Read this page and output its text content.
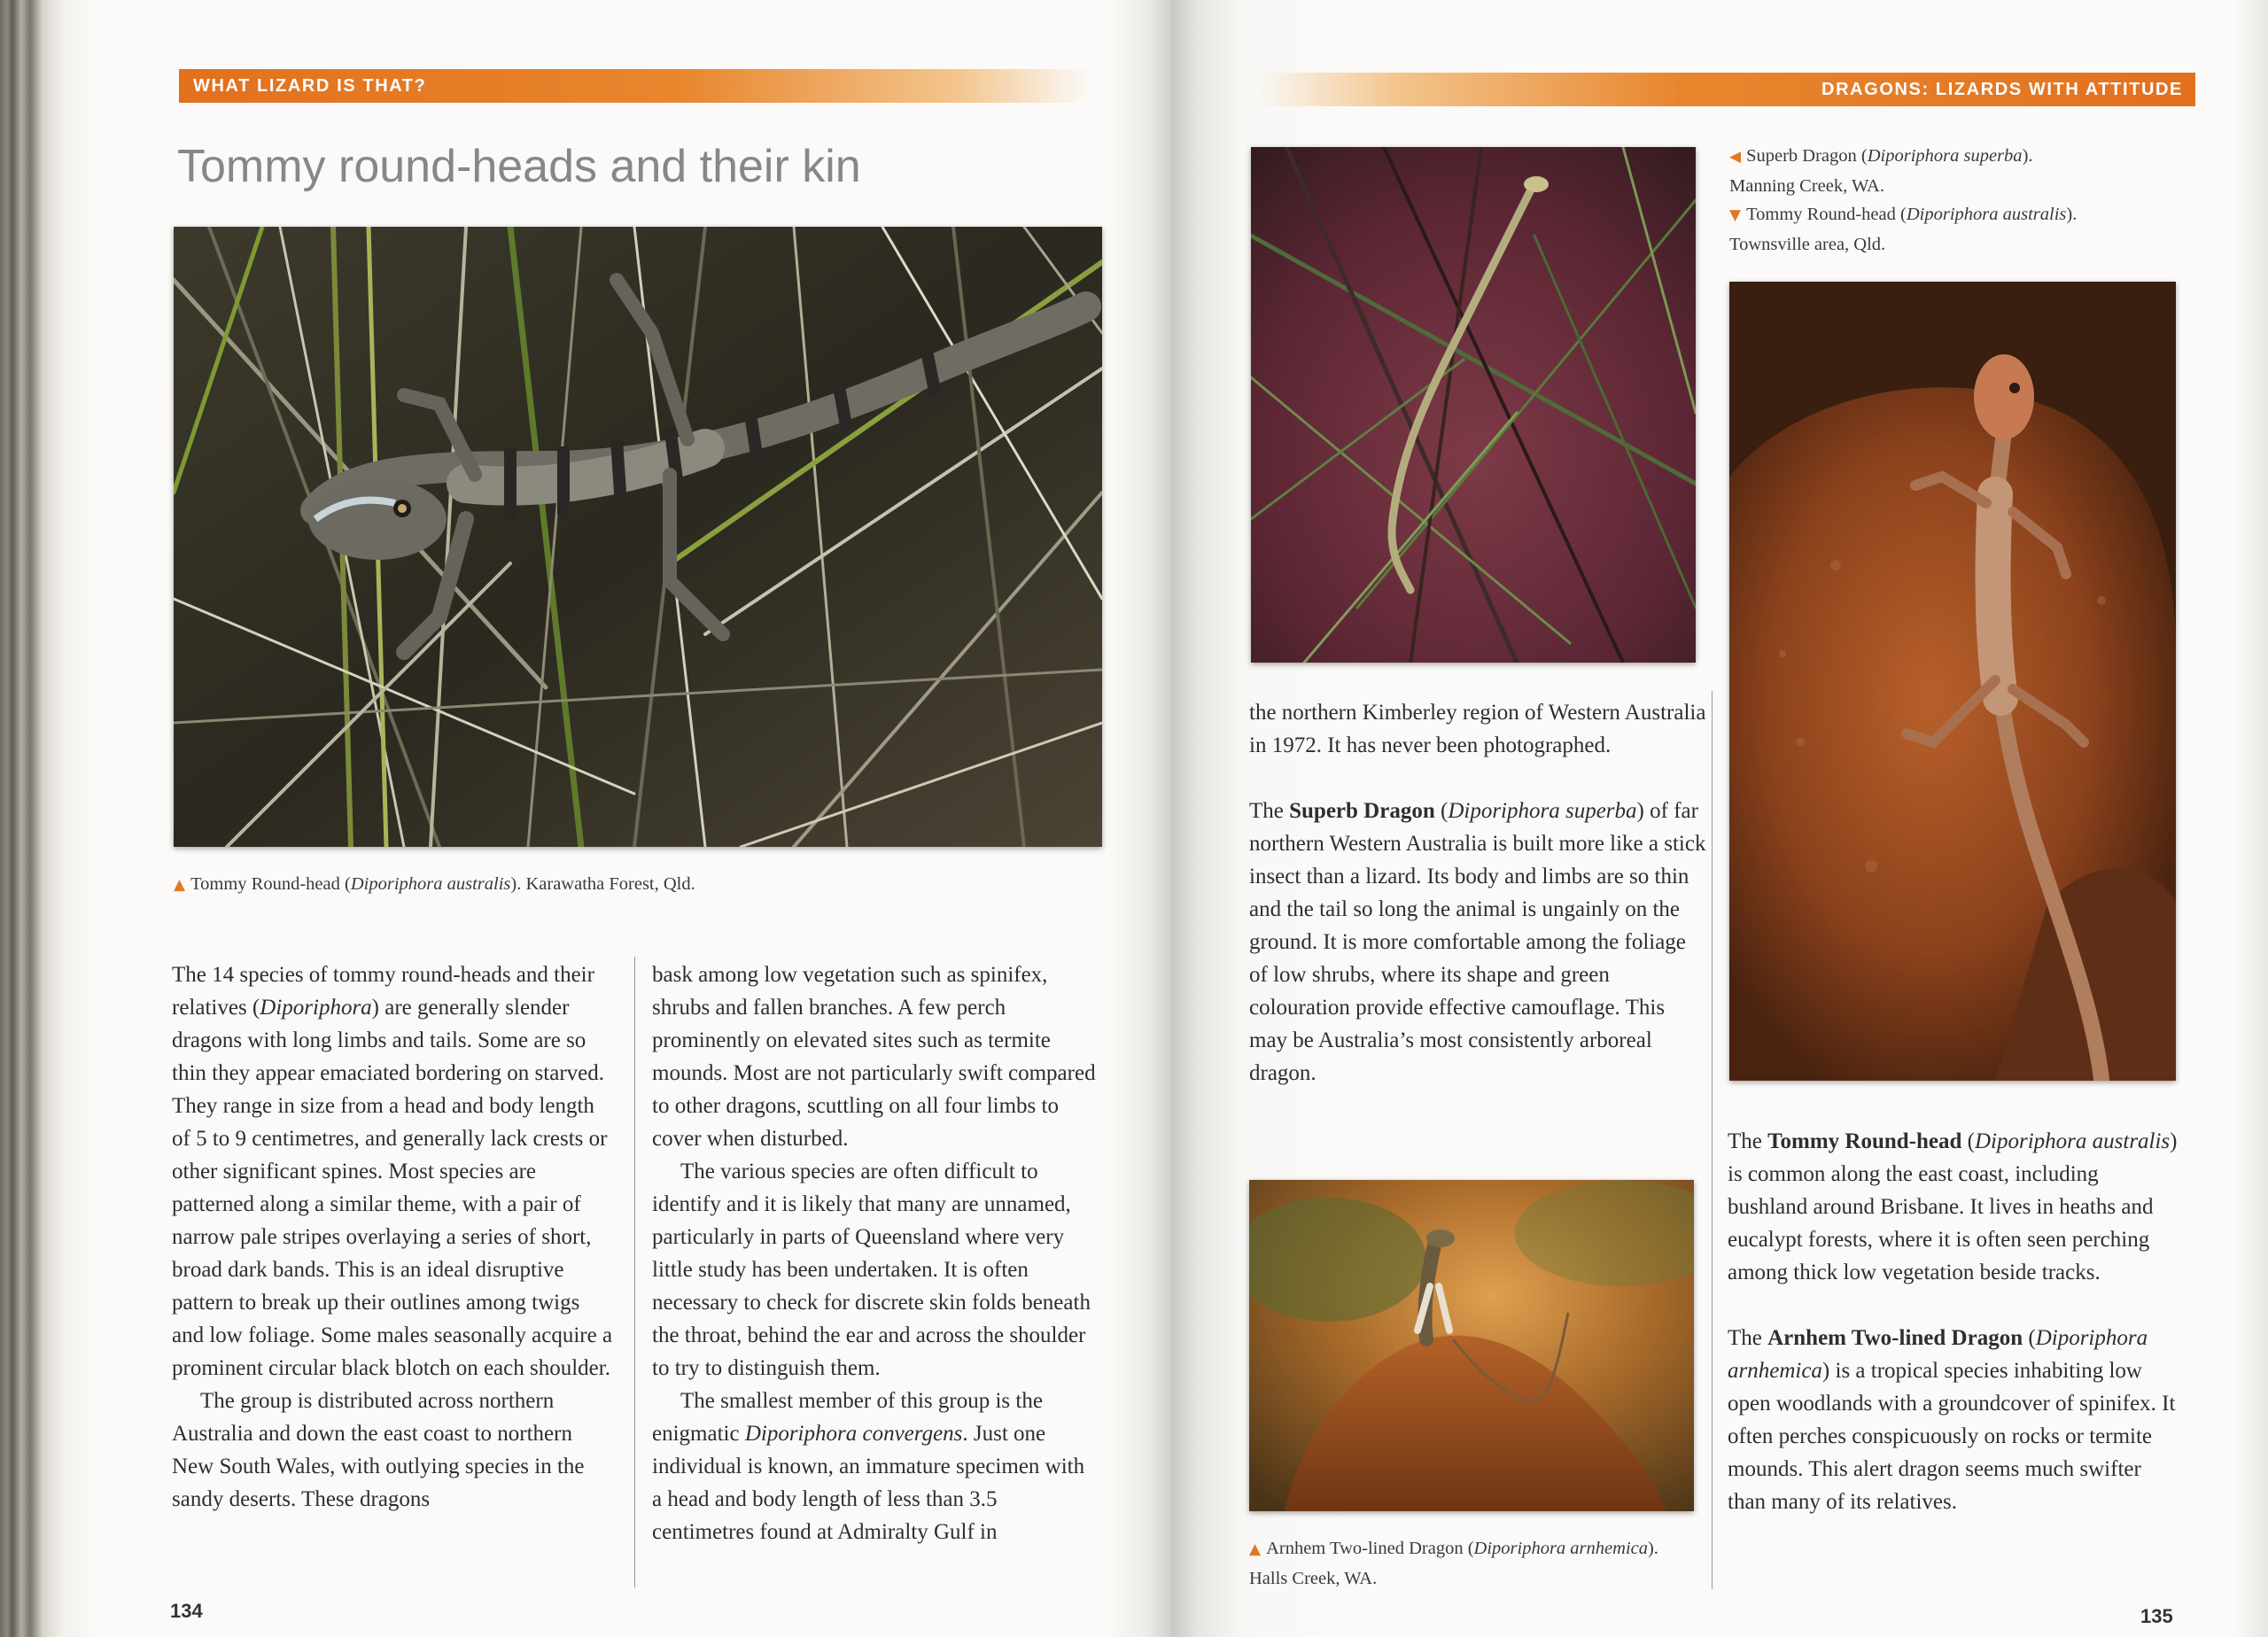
WHAT LIZARD IS THAT?
Tommy round-heads and their kin
▲ Tommy Round-head (Diporiphora australis). Karawatha Forest, Qld.

The 14 species of tommy round-heads and their relatives (Diporiphora) are generally slender dragons with long limbs and tails. Some are so thin they appear emaciated bordering on starved. They range in size from a head and body length of 5 to 9 centimetres, and generally lack crests or other significant spines. Most species are patterned along a similar theme, with a pair of narrow pale stripes overlaying a series of short, broad dark bands. This is an ideal disruptive pattern to break up their outlines among twigs and low foliage. Some males seasonally acquire a prominent circular black blotch on each shoulder.

The group is distributed across northern Australia and down the east coast to northern New South Wales, with outlying species in the sandy deserts. These dragons

bask among low vegetation such as spinifex, shrubs and fallen branches. A few perch prominently on elevated sites such as termite mounds. Most are not particularly swift compared to other dragons, scuttling on all four limbs to cover when disturbed.

The various species are often difficult to identify and it is likely that many are unnamed, particularly in parts of Queensland where very little study has been undertaken. It is often necessary to check for discrete skin folds beneath the throat, behind the ear and across the shoulder to try to distinguish them.

The smallest member of this group is the enigmatic Diporiphora convergens. Just one individual is known, an immature specimen with a head and body length of less than 3.5 centimetres found at Admiralty Gulf in

134
DRAGONS: LIZARDS WITH ATTITUDE
◀ Superb Dragon (Diporiphora superba).
Manning Creek, WA.
▼ Tommy Round-head (Diporiphora australis).
Townsville area, Qld.

the northern Kimberley region of Western Australia in 1972. It has never been photographed.

The Superb Dragon (Diporiphora superba) of far northern Western Australia is built more like a stick insect than a lizard. Its body and limbs are so thin and the tail so long the animal is ungainly on the ground. It is more comfortable among the foliage of low shrubs, where its shape and green colouration provide effective camouflage. This may be Australia’s most consistently arboreal dragon.

▲ Arnhem Two-lined Dragon (Diporiphora arnhemica).
Halls Creek, WA.

The Tommy Round-head (Diporiphora australis) is common along the east coast, including bushland around Brisbane. It lives in heaths and eucalypt forests, where it is often seen perching among thick low vegetation beside tracks.

The Arnhem Two-lined Dragon (Diporiphora arnhemica) is a tropical species inhabiting low open woodlands with a groundcover of spinifex. It often perches conspicuously on rocks or termite mounds. This alert dragon seems much swifter than many of its relatives.

135
